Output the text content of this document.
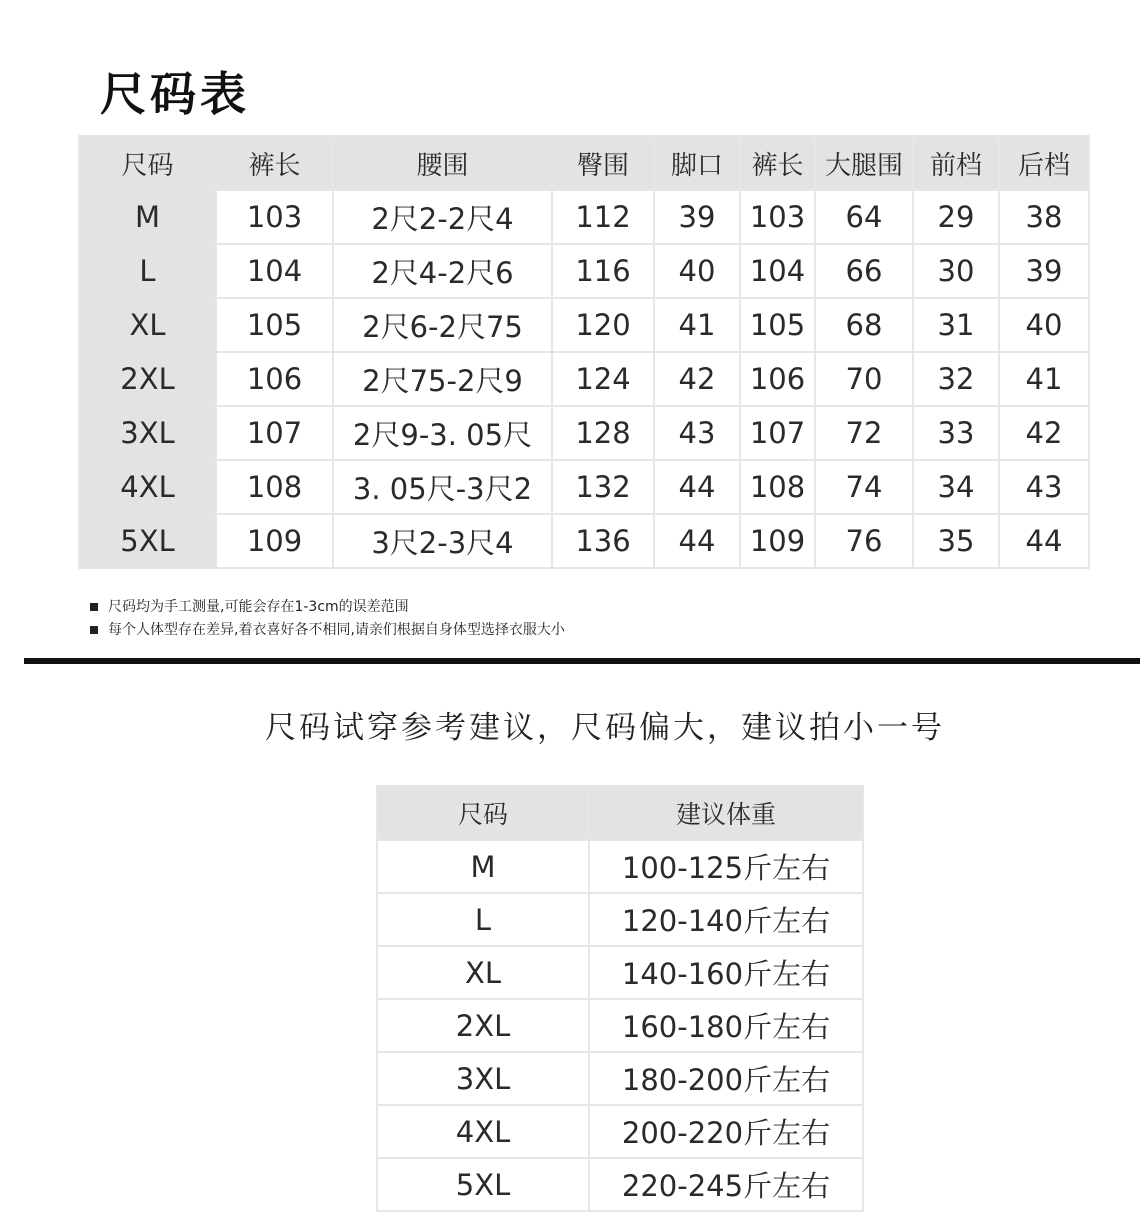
尺码表
尺码	裤长	腰围	臀围	脚口	裤长	大腿围	前档	后档
M	103	2尺2-2尺4	112	39	103	64	29	38
L	104	2尺4-2尺6	116	40	104	66	30	39
XL	105	2尺6-2尺75	120	41	105	68	31	40
2XL	106	2尺75-2尺9	124	42	106	70	32	41
3XL	107	2尺9-3. 05尺	128	43	107	72	33	42
4XL	108	3. 05尺-3尺2	132	44	108	74	34	43
5XL	109	3尺2-3尺4	136	44	109	76	35	44
尺码均为手工测量,可能会存在1-3cm的误差范围
每个人体型存在差异,着衣喜好各不相同,请亲们根据自身体型选择衣服大小
尺码试穿参考建议，尺码偏大，建议拍小一号
尺码	建议体重
M	100-125斤左右
L	120-140斤左右
XL	140-160斤左右
2XL	160-180斤左右
3XL	180-200斤左右
4XL	200-220斤左右
5XL	220-245斤左右
